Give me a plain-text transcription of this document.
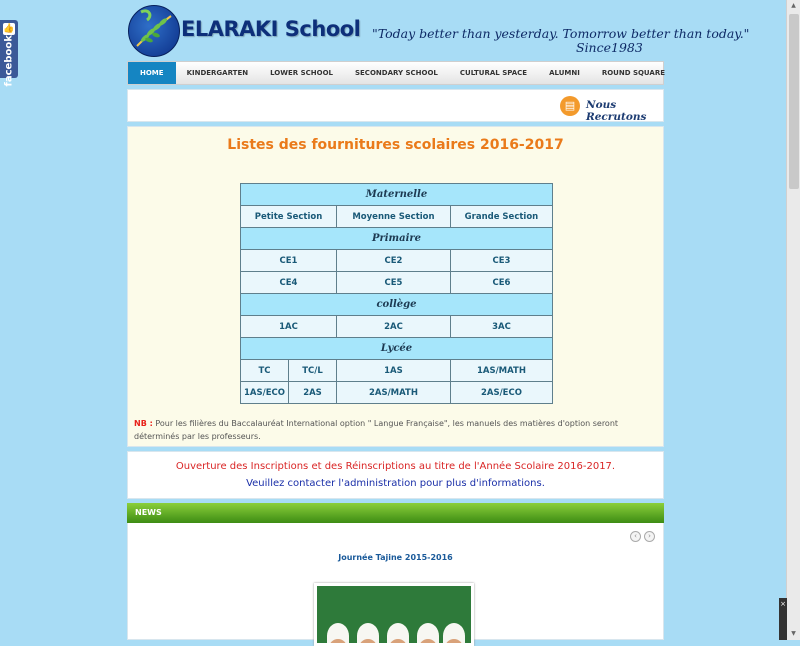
👍
facebook
ELARAKI School "Today better than yesterday. Tomorrow better than today."
Since1983
HOME	KINDERGARTEN	LOWER SCHOOL	SECONDARY SCHOOL	CULTURAL SPACE	ALUMNI	ROUND SQUARE
▤	Nous Recrutons
Listes des fournitures scolaires 2016-2017
Maternelle			
Petite Section		Moyenne Section	Grande Section
Primaire			
CE1		CE2	CE3
CE4		CE5	CE6
collège			
1AC		2AC	3AC
Lycée			
TC	TC/L	1AS	1AS/MATH
1AS/ECO	2AS	2AS/MATH	2AS/ECO
NB : Pour les filières du Baccalauréat International option " Langue Française", les manuels des matières d'option seront déterminés par les professeurs.
Ouverture des Inscriptions et des Réinscriptions au titre de l'Année Scolaire 2016-2017.
Veuillez contacter l'administration pour plus d'informations.
NEWS
‹	›
Journée Tajine 2015-2016
▲
▼
×
